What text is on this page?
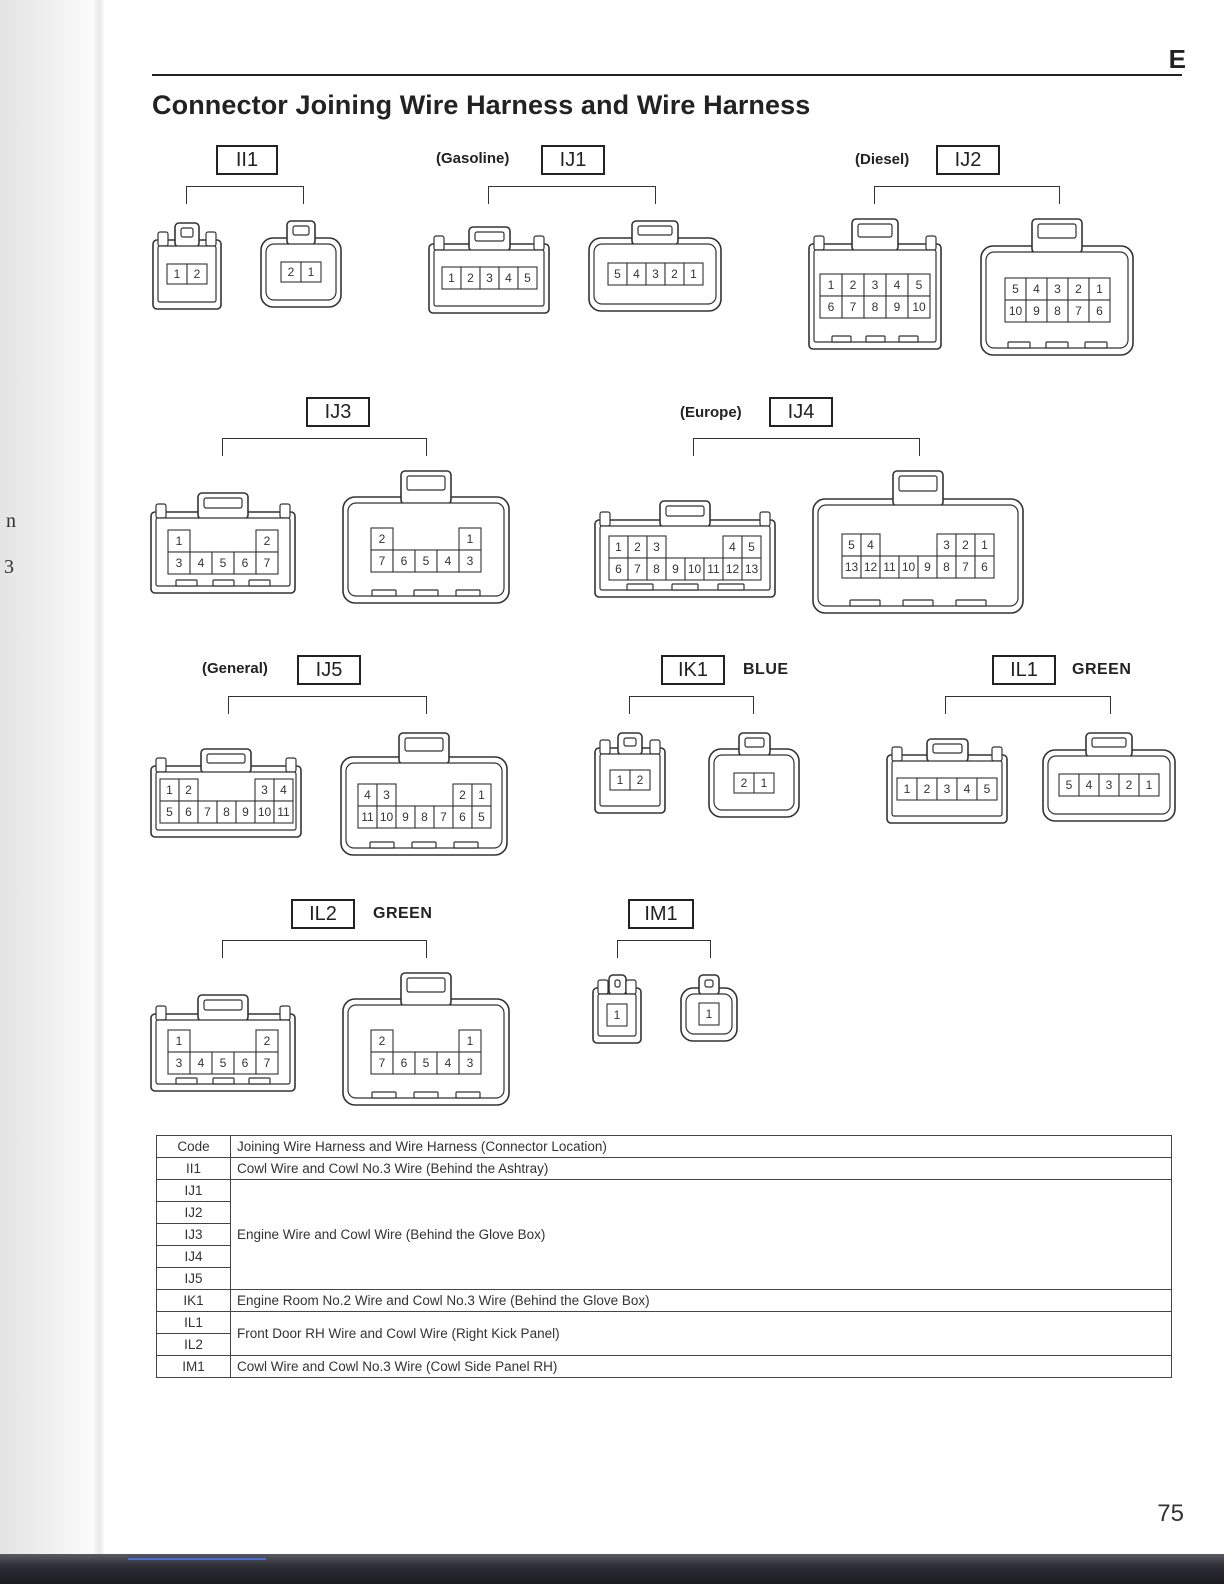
n
3
E
Connector Joining Wire Harness and Wire Harness
II1	(Gasoline)	IJ1	(Diesel)	IJ2
IJ3	(Europe)	IJ4
(General)	IJ5	IK1	BLUE	IL1	GREEN
IL2	GREEN	IM1
1 2	2 1	1 2 3 4 5	5 4 3 2 1
1 2 3 4 5
6 7 8 9 10
5 4 3 2 1
10 9 8 7 6
1	2
3 4 5 6 7
2	1
7 6 5 4 3
1 2 3	4 5
6 7 8 9 10 11 12 13
5 4	3 2 1
13 12 11 10 9 8 7 6
1 2	3 4
5 6 7 8 9 10 11
4 3	2 1
11 10 9 8 7 6 5
1 2	2 1	1 2 3 4 5	5 4 3 2 1
1	2
3 4 5 6 7
2	1
7 6 5 4 3
1	1
Code	Joining Wire Harness and Wire Harness (Connector Location)
II1	Cowl Wire and Cowl No.3 Wire (Behind the Ashtray)
IJ1	Engine Wire and Cowl Wire (Behind the Glove Box)
IJ2	
IJ3	
IJ4	
IJ5	
IK1	Engine Room No.2 Wire and Cowl No.3 Wire (Behind the Glove Box)
IL1	Front Door RH Wire and Cowl Wire (Right Kick Panel)
IL2	
IM1	Cowl Wire and Cowl No.3 Wire (Cowl Side Panel RH)
75
